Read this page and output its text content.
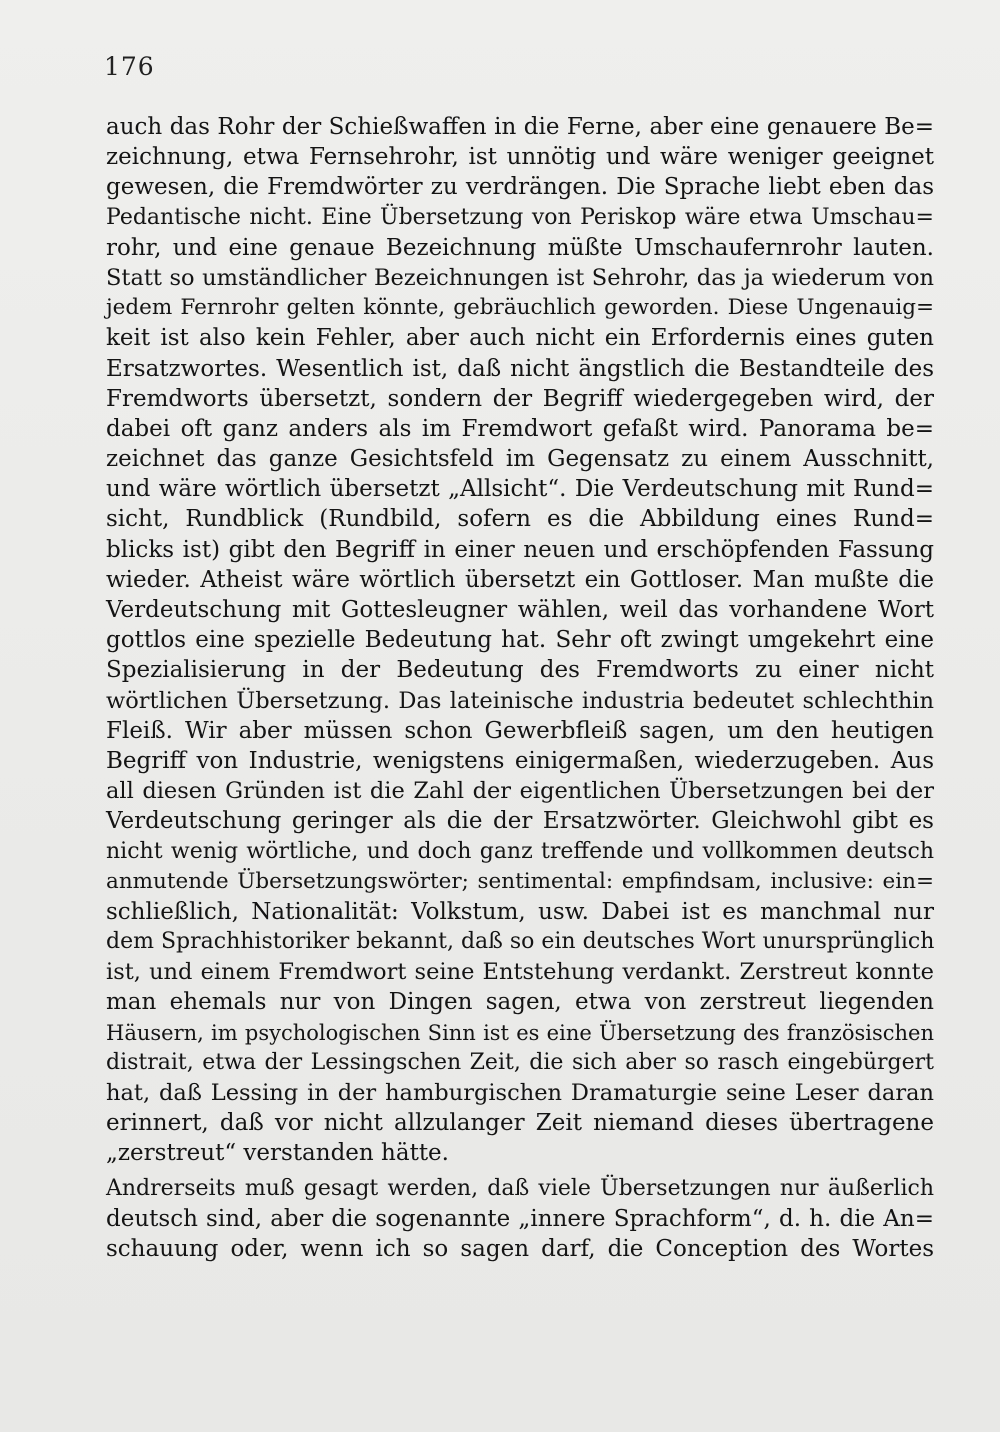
176
auch das Rohr der Schießwaffen in die Ferne, aber eine genauere Be=
zeichnung, etwa Fernsehrohr, ist unnötig und wäre weniger geeignet
gewesen, die Fremdwörter zu verdrängen. Die Sprache liebt eben das
Pedantische nicht. Eine Übersetzung von Periskop wäre etwa Umschau=
rohr, und eine genaue Bezeichnung müßte Umschaufernrohr lauten.
Statt so umständlicher Bezeichnungen ist Sehrohr, das ja wiederum von
jedem Fernrohr gelten könnte, gebräuchlich geworden. Diese Ungenauig=
keit ist also kein Fehler, aber auch nicht ein Erfordernis eines guten
Ersatzwortes. Wesentlich ist, daß nicht ängstlich die Bestandteile des
Fremdworts übersetzt, sondern der Begriff wiedergegeben wird, der
dabei oft ganz anders als im Fremdwort gefaßt wird. Panorama be=
zeichnet das ganze Gesichtsfeld im Gegensatz zu einem Ausschnitt,
und wäre wörtlich übersetzt „Allsicht“. Die Verdeutschung mit Rund=
sicht, Rundblick (Rundbild, sofern es die Abbildung eines Rund=
blicks ist) gibt den Begriff in einer neuen und erschöpfenden Fassung
wieder. Atheist wäre wörtlich übersetzt ein Gottloser. Man mußte die
Verdeutschung mit Gottesleugner wählen, weil das vorhandene Wort
gottlos eine spezielle Bedeutung hat. Sehr oft zwingt umgekehrt eine
Spezialisierung in der Bedeutung des Fremdworts zu einer nicht
wörtlichen Übersetzung. Das lateinische industria bedeutet schlechthin
Fleiß. Wir aber müssen schon Gewerbfleiß sagen, um den heutigen
Begriff von Industrie, wenigstens einigermaßen, wiederzugeben. Aus
all diesen Gründen ist die Zahl der eigentlichen Übersetzungen bei der
Verdeutschung geringer als die der Ersatzwörter. Gleichwohl gibt es
nicht wenig wörtliche, und doch ganz treffende und vollkommen deutsch
anmutende Übersetzungswörter; sentimental: empfindsam, inclusive: ein=
schließlich, Nationalität: Volkstum, usw. Dabei ist es manchmal nur
dem Sprachhistoriker bekannt, daß so ein deutsches Wort unursprünglich
ist, und einem Fremdwort seine Entstehung verdankt. Zerstreut konnte
man ehemals nur von Dingen sagen, etwa von zerstreut liegenden
Häusern, im psychologischen Sinn ist es eine Übersetzung des französischen
distrait, etwa der Lessingschen Zeit, die sich aber so rasch eingebürgert
hat, daß Lessing in der hamburgischen Dramaturgie seine Leser daran
erinnert, daß vor nicht allzulanger Zeit niemand dieses übertragene
„zerstreut“ verstanden hätte.
Andrerseits muß gesagt werden, daß viele Übersetzungen nur äußerlich
deutsch sind, aber die sogenannte „innere Sprachform“, d. h. die An=
schauung oder, wenn ich so sagen darf, die Conception des Wortes
